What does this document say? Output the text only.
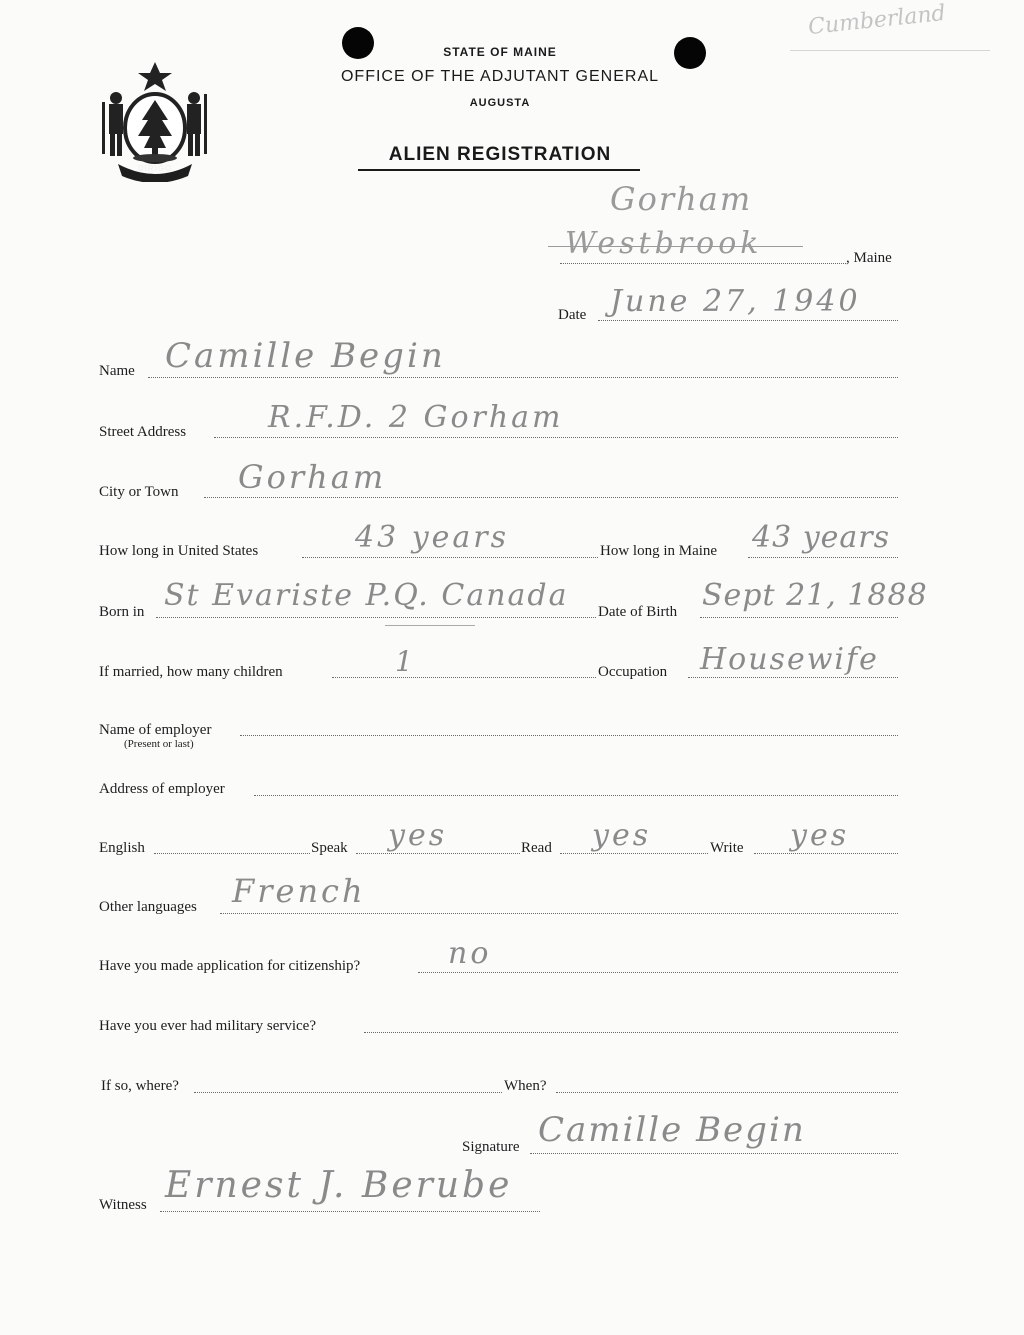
Cumberland
DIRIGO
STATE OF MAINE
OFFICE OF THE ADJUTANT GENERAL
AUGUSTA
ALIEN REGISTRATION
Gorham
Westbrook	, Maine
Date June 27, 1940
Name Camille Begin
Street Address	R.F.D. 2 Gorham
City or Town Gorham
How long in United States	43 years	How long in Maine 43 years
Born in St Evariste P.Q. Canada Date of Birth Sept 21, 1888
If married, how many children	1	Occupation Housewife
Name of employer
(Present or last)
Address of employer
English	Speak yes	Read yes	Write yes
Other languages French
Have you made application for citizenship?	no
Have you ever had military service?
If so, where?	When?
Signature Camille Begin
Witness Ernest J. Berube
